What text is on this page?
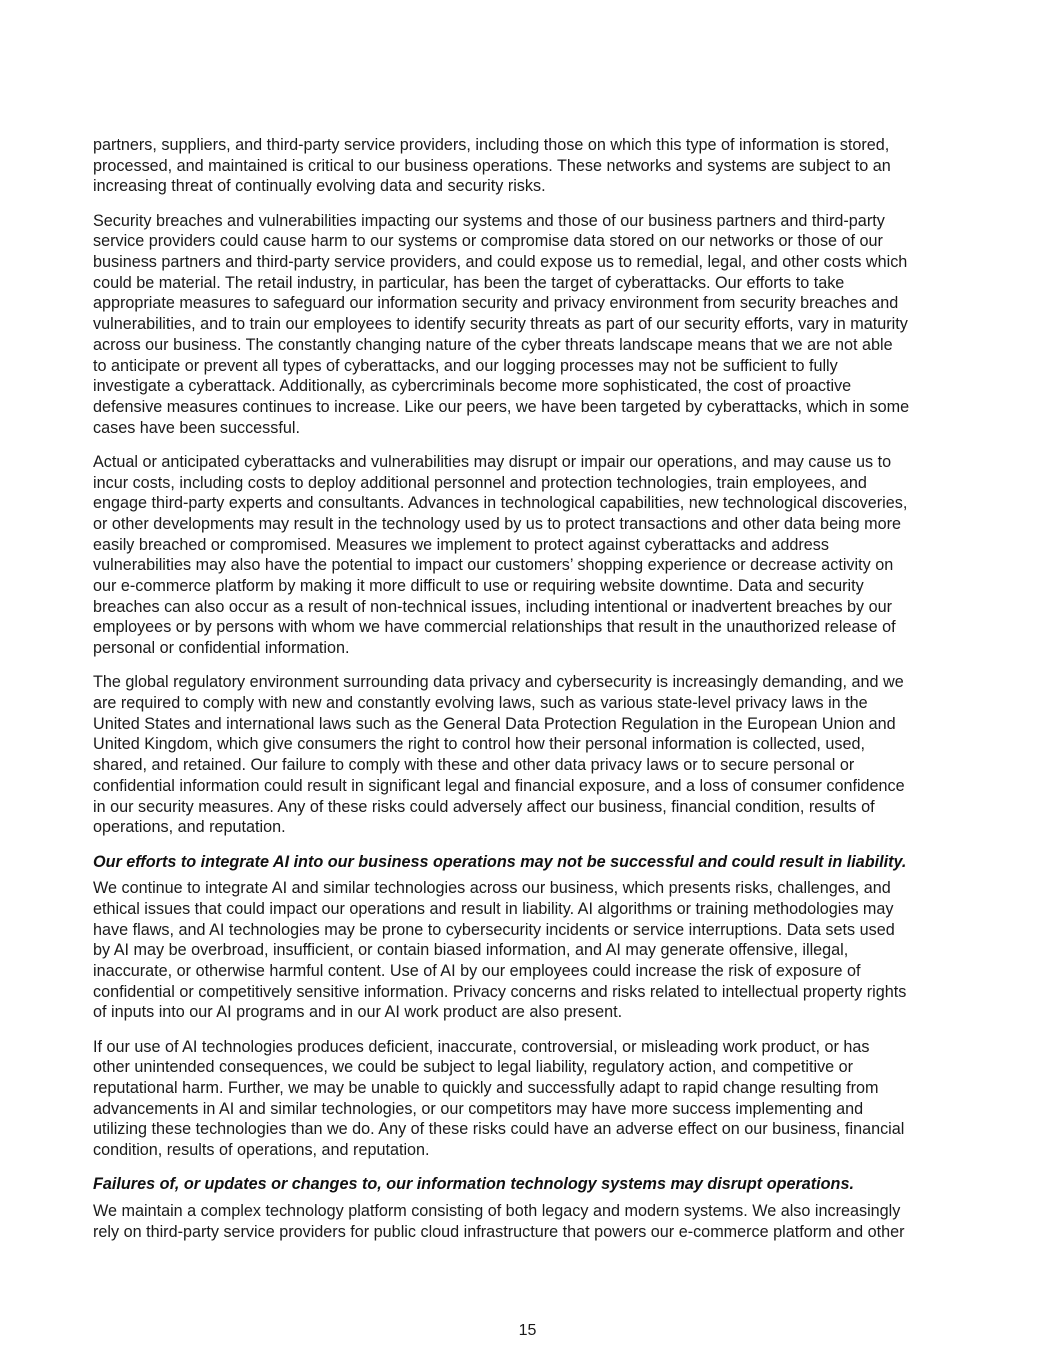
partners, suppliers, and third-party service providers, including those on which this type of information is stored,
processed, and maintained is critical to our business operations. These networks and systems are subject to an
increasing threat of continually evolving data and security risks.
Security breaches and vulnerabilities impacting our systems and those of our business partners and third-party
service providers could cause harm to our systems or compromise data stored on our networks or those of our
business partners and third-party service providers, and could expose us to remedial, legal, and other costs which
could be material. The retail industry, in particular, has been the target of cyberattacks. Our efforts to take
appropriate measures to safeguard our information security and privacy environment from security breaches and
vulnerabilities, and to train our employees to identify security threats as part of our security efforts, vary in maturity
across our business. The constantly changing nature of the cyber threats landscape means that we are not able
to anticipate or prevent all types of cyberattacks, and our logging processes may not be sufficient to fully
investigate a cyberattack. Additionally, as cybercriminals become more sophisticated, the cost of proactive
defensive measures continues to increase. Like our peers, we have been targeted by cyberattacks, which in some
cases have been successful.
Actual or anticipated cyberattacks and vulnerabilities may disrupt or impair our operations, and may cause us to
incur costs, including costs to deploy additional personnel and protection technologies, train employees, and
engage third-party experts and consultants. Advances in technological capabilities, new technological discoveries,
or other developments may result in the technology used by us to protect transactions and other data being more
easily breached or compromised. Measures we implement to protect against cyberattacks and address
vulnerabilities may also have the potential to impact our customers’ shopping experience or decrease activity on
our e-commerce platform by making it more difficult to use or requiring website downtime. Data and security
breaches can also occur as a result of non-technical issues, including intentional or inadvertent breaches by our
employees or by persons with whom we have commercial relationships that result in the unauthorized release of
personal or confidential information.
The global regulatory environment surrounding data privacy and cybersecurity is increasingly demanding, and we
are required to comply with new and constantly evolving laws, such as various state-level privacy laws in the
United States and international laws such as the General Data Protection Regulation in the European Union and
United Kingdom, which give consumers the right to control how their personal information is collected, used,
shared, and retained. Our failure to comply with these and other data privacy laws or to secure personal or
confidential information could result in significant legal and financial exposure, and a loss of consumer confidence
in our security measures. Any of these risks could adversely affect our business, financial condition, results of
operations, and reputation.
Our efforts to integrate AI into our business operations may not be successful and could result in liability.
We continue to integrate AI and similar technologies across our business, which presents risks, challenges, and
ethical issues that could impact our operations and result in liability. AI algorithms or training methodologies may
have flaws, and AI technologies may be prone to cybersecurity incidents or service interruptions. Data sets used
by AI may be overbroad, insufficient, or contain biased information, and AI may generate offensive, illegal,
inaccurate, or otherwise harmful content. Use of AI by our employees could increase the risk of exposure of
confidential or competitively sensitive information. Privacy concerns and risks related to intellectual property rights
of inputs into our AI programs and in our AI work product are also present.
If our use of AI technologies produces deficient, inaccurate, controversial, or misleading work product, or has
other unintended consequences, we could be subject to legal liability, regulatory action, and competitive or
reputational harm. Further, we may be unable to quickly and successfully adapt to rapid change resulting from
advancements in AI and similar technologies, or our competitors may have more success implementing and
utilizing these technologies than we do. Any of these risks could have an adverse effect on our business, financial
condition, results of operations, and reputation.
Failures of, or updates or changes to, our information technology systems may disrupt operations.
We maintain a complex technology platform consisting of both legacy and modern systems. We also increasingly
rely on third-party service providers for public cloud infrastructure that powers our e-commerce platform and other
15
